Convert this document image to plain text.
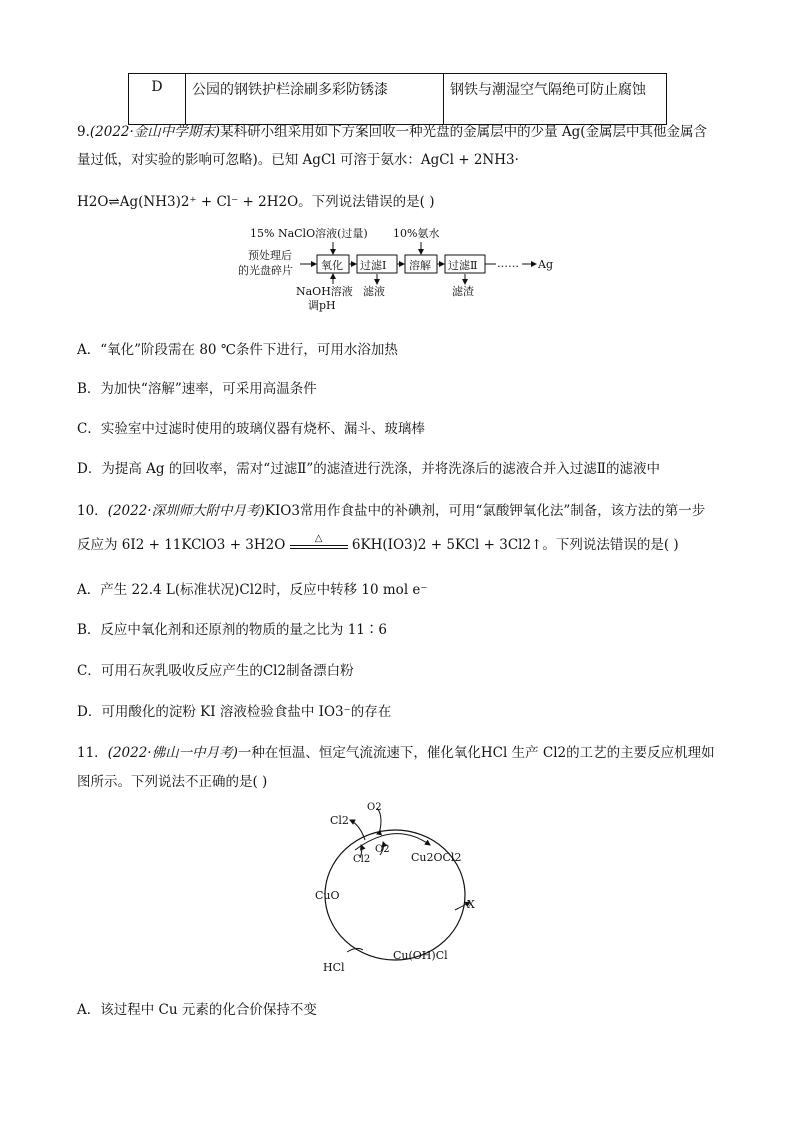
D	公园的钢铁护栏涂刷多彩防锈漆	钢铁与潮湿空气隔绝可防止腐蚀
9.(2022·金山中学期末)某科研小组采用如下方案回收一种光盘的金属层中的少量 Ag(金属层中其他金属含
量过低，对实验的影响可忽略)。已知 AgCl 可溶于氨水：AgCl + 2NH3·
H2O⇌Ag(NH3)2⁺ + Cl⁻ + 2H2O。下列说法错误的是( )
15% NaClO溶液(过量) 10%氨水
预处理后
的光盘碎片	氧化 过滤Ⅰ 溶解 过滤Ⅱ …… Ag
NaOH溶液
调pH
滤液	滤渣
A．“氧化”阶段需在 80 ℃条件下进行，可用水浴加热
B．为加快“溶解”速率，可采用高温条件
C．实验室中过滤时使用的玻璃仪器有烧杯、漏斗、玻璃棒
D．为提高 Ag 的回收率，需对“过滤Ⅱ”的滤渣进行洗涤，并将洗涤后的滤液合并入过滤Ⅱ的滤液中
10．(2022·深圳师大附中月考)KIO3常用作食盐中的补碘剂，可用“氯酸钾氧化法”制备，该方法的第一步
反应为 6I2 + 11KClO3 + 3H2O	△	6KH(IO3)2 + 5KCl + 3Cl2↑。下列说法错误的是( )
A．产生 22.4 L(标准状况)Cl2时，反应中转移 10 mol e⁻
B．反应中氧化剂和还原剂的物质的量之比为 11∶6
C．可用石灰乳吸收反应产生的Cl2制备漂白粉
D．可用酸化的淀粉 KI 溶液检验食盐中 IO3⁻的存在
11．(2022·佛山一中月考)一种在恒温、恒定气流流速下，催化氧化HCl 生产 Cl2的工艺的主要反应机理如
图所示。下列说法不正确的是( )
Cl2
O2
Cl2
O2
Cu2OCl2
CuO
X
HCl
Cu(OH)Cl
A．该过程中 Cu 元素的化合价保持不变
